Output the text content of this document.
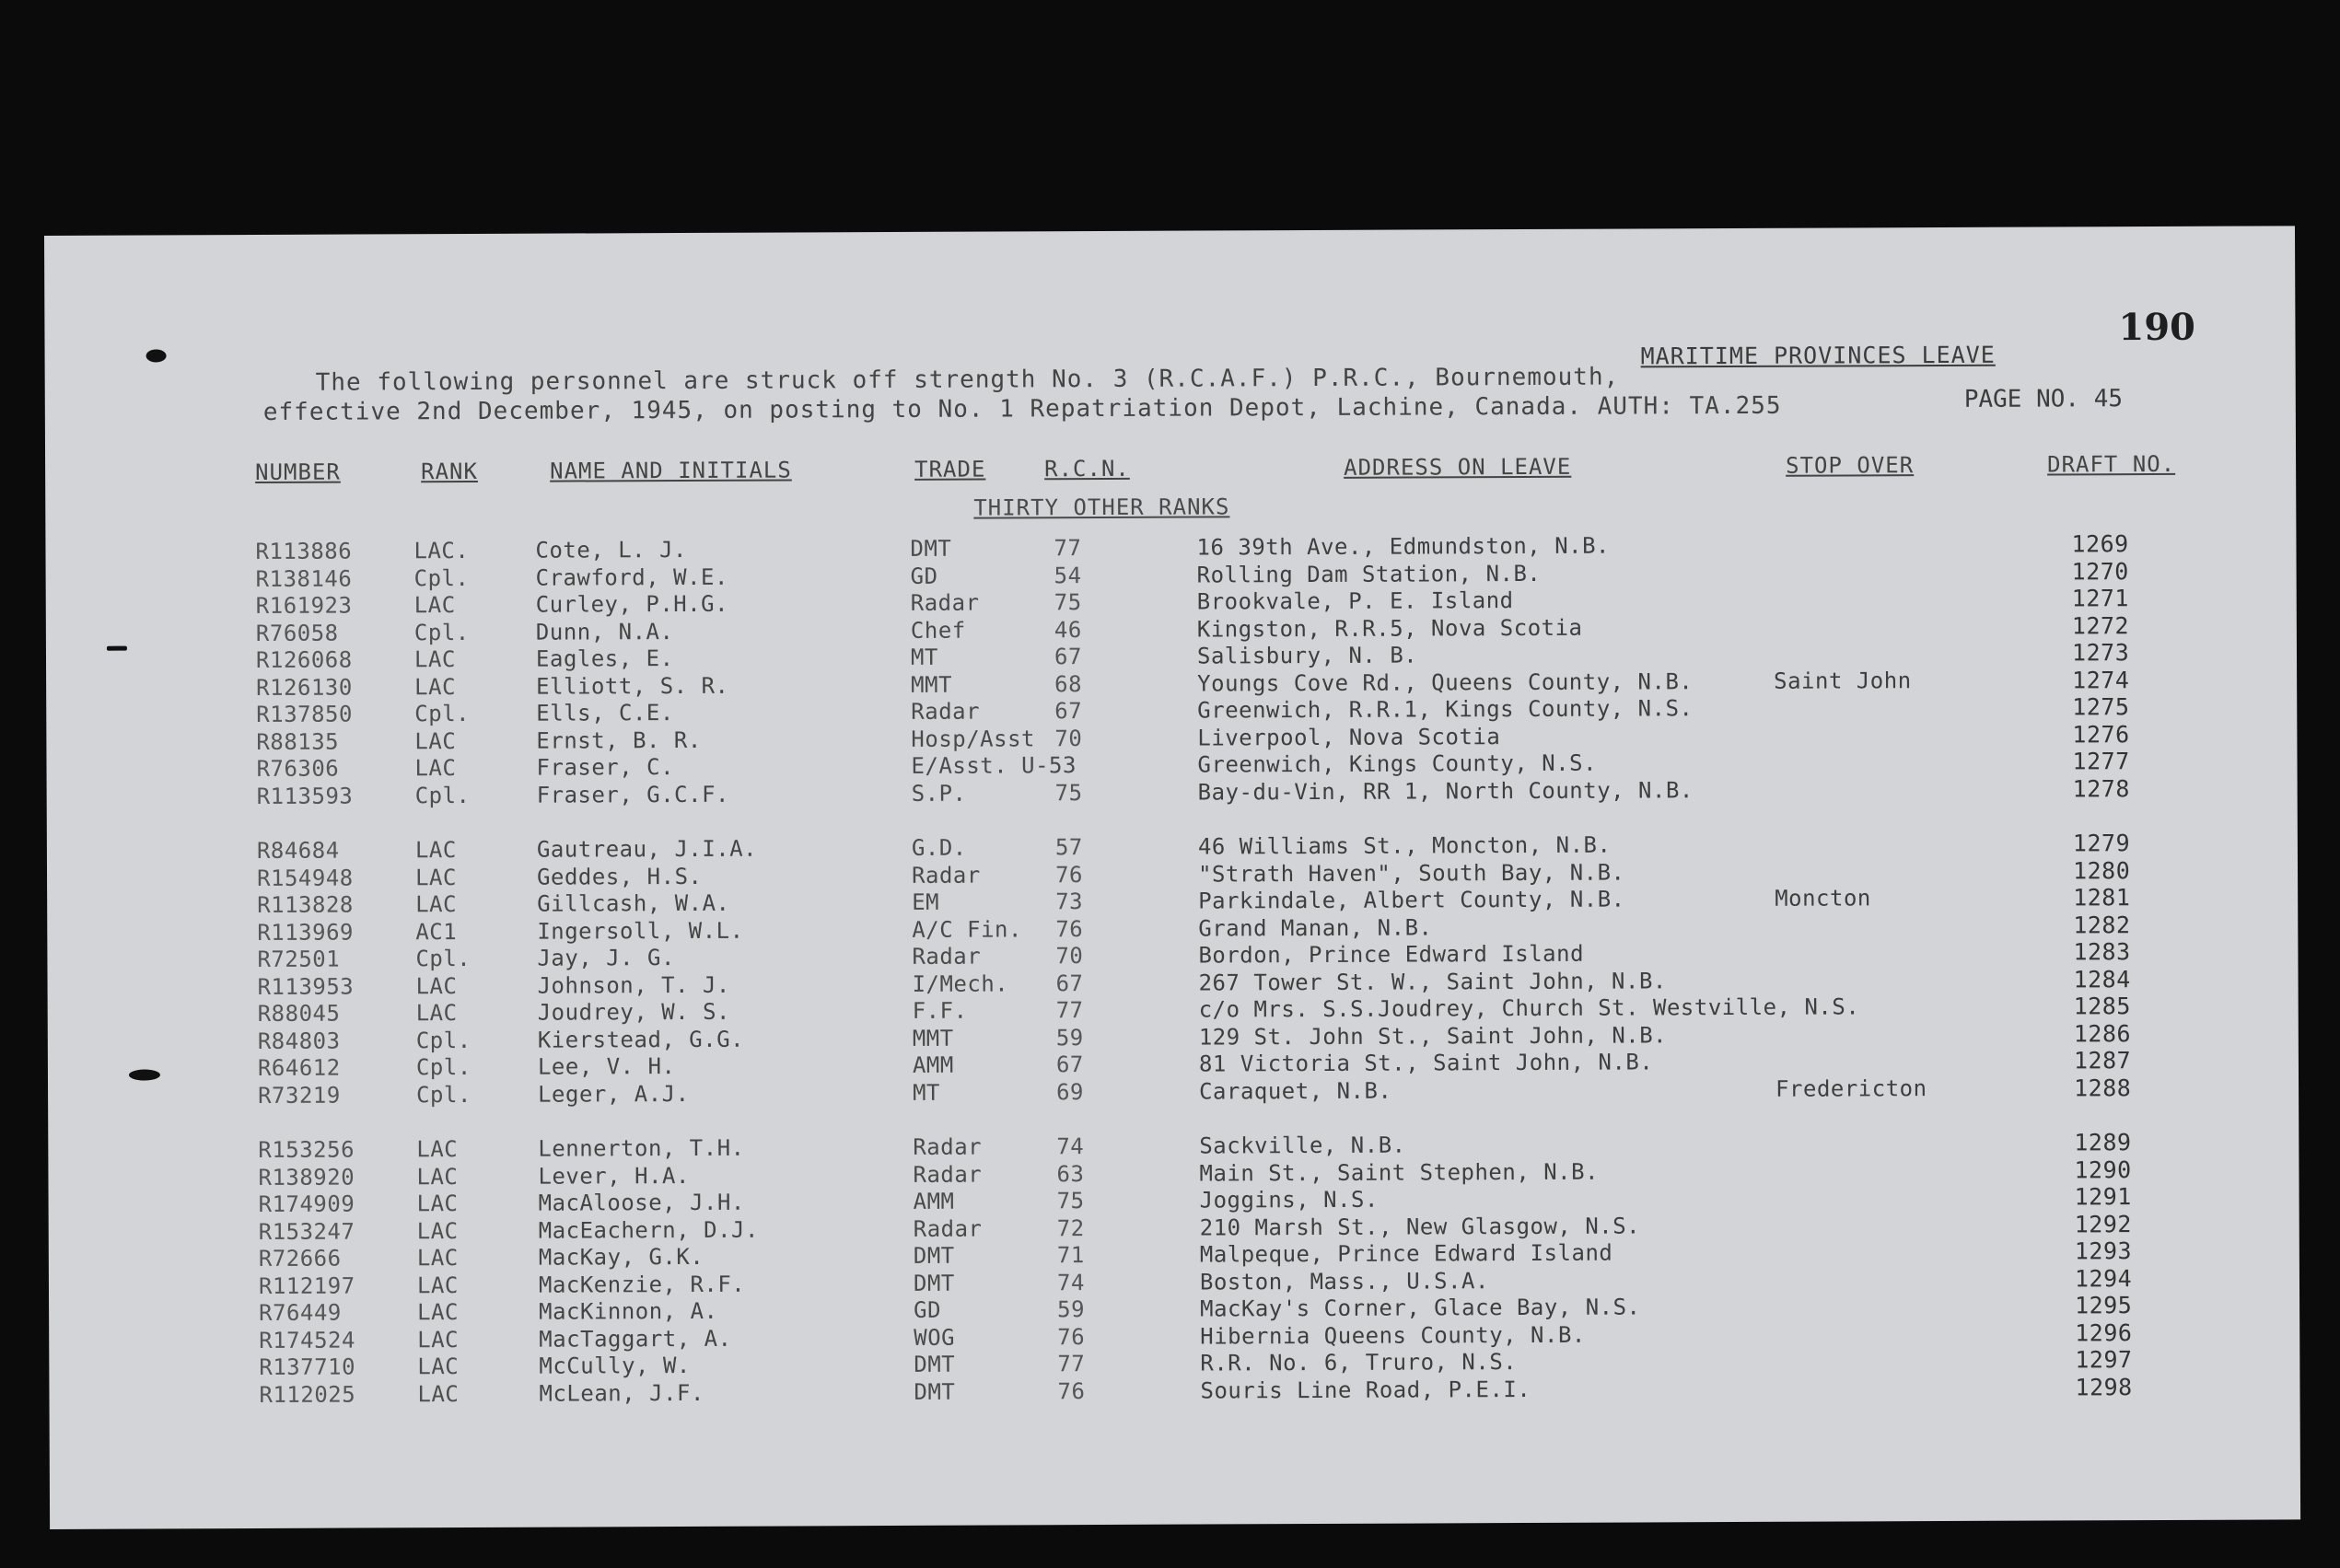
190
MARITIME PROVINCES LEAVE
The following personnel are struck off strength No. 3 (R.C.A.F.) P.R.C., Bournemouth,
effective 2nd December, 1945, on posting to No. 1 Repatriation Depot, Lachine, Canada. AUTH: TA.255	PAGE NO. 45
NUMBER	RANK	NAME AND INITIALS	TRADE	R.C.N.	ADDRESS ON LEAVE	STOP OVER	DRAFT NO.
THIRTY OTHER RANKS
R113886	LAC.	Cote, L. J.	DMT	77	16 39th Ave., Edmundston, N.B.	1269
R138146	Cpl.	Crawford, W.E.	GD	54	Rolling Dam Station, N.B.	1270
R161923	LAC	Curley, P.H.G.	Radar	75	Brookvale, P. E. Island	1271
R76058	Cpl.	Dunn, N.A.	Chef	46	Kingston, R.R.5, Nova Scotia	1272
R126068	LAC	Eagles, E.	MT	67	Salisbury, N. B.	1273
R126130	LAC	Elliott, S. R.	MMT	68	Youngs Cove Rd., Queens County, N.B.	Saint John	1274
R137850	Cpl.	Ells, C.E.	Radar	67	Greenwich, R.R.1, Kings County, N.S.	1275
R88135	LAC	Ernst, B. R.	Hosp/Asst 70	Liverpool, Nova Scotia	1276
R76306	LAC	Fraser, C.	E/Asst. U-53	Greenwich, Kings County, N.S.	1277
R113593	Cpl.	Fraser, G.C.F.	S.P.	75	Bay-du-Vin, RR 1, North County, N.B.	1278
R84684	LAC	Gautreau, J.I.A.	G.D.	57	46 Williams St., Moncton, N.B.	1279
R154948	LAC	Geddes, H.S.	Radar	76	"Strath Haven", South Bay, N.B.	1280
R113828	LAC	Gillcash, W.A.	EM	73	Parkindale, Albert County, N.B.	Moncton	1281
R113969	AC1	Ingersoll, W.L.	A/C Fin. 76	Grand Manan, N.B.	1282
R72501	Cpl.	Jay, J. G.	Radar	70	Bordon, Prince Edward Island	1283
R113953	LAC	Johnson, T. J.	I/Mech. 67	267 Tower St. W., Saint John, N.B.	1284
R88045	LAC	Joudrey, W. S.	F.F.	77	c/o Mrs. S.S.Joudrey, Church St. Westville, N.S.	1285
R84803	Cpl.	Kierstead, G.G.	MMT	59	129 St. John St., Saint John, N.B.	1286
R64612	Cpl.	Lee, V. H.	AMM	67	81 Victoria St., Saint John, N.B.	1287
R73219	Cpl.	Leger, A.J.	MT	69	Caraquet, N.B.	Fredericton	1288
R153256	LAC	Lennerton, T.H.	Radar	74	Sackville, N.B.	1289
R138920	LAC	Lever, H.A.	Radar	63	Main St., Saint Stephen, N.B.	1290
R174909	LAC	MacAloose, J.H.	AMM	75	Joggins, N.S.	1291
R153247	LAC	MacEachern, D.J.	Radar	72	210 Marsh St., New Glasgow, N.S.	1292
R72666	LAC	MacKay, G.K.	DMT	71	Malpeque, Prince Edward Island	1293
R112197	LAC	MacKenzie, R.F.	DMT	74	Boston, Mass., U.S.A.	1294
R76449	LAC	MacKinnon, A.	GD	59	MacKay's Corner, Glace Bay, N.S.	1295
R174524	LAC	MacTaggart, A.	WOG	76	Hibernia Queens County, N.B.	1296
R137710	LAC	McCully, W.	DMT	77	R.R. No. 6, Truro, N.S.	1297
R112025	LAC	McLean, J.F.	DMT	76	Souris Line Road, P.E.I.	1298
